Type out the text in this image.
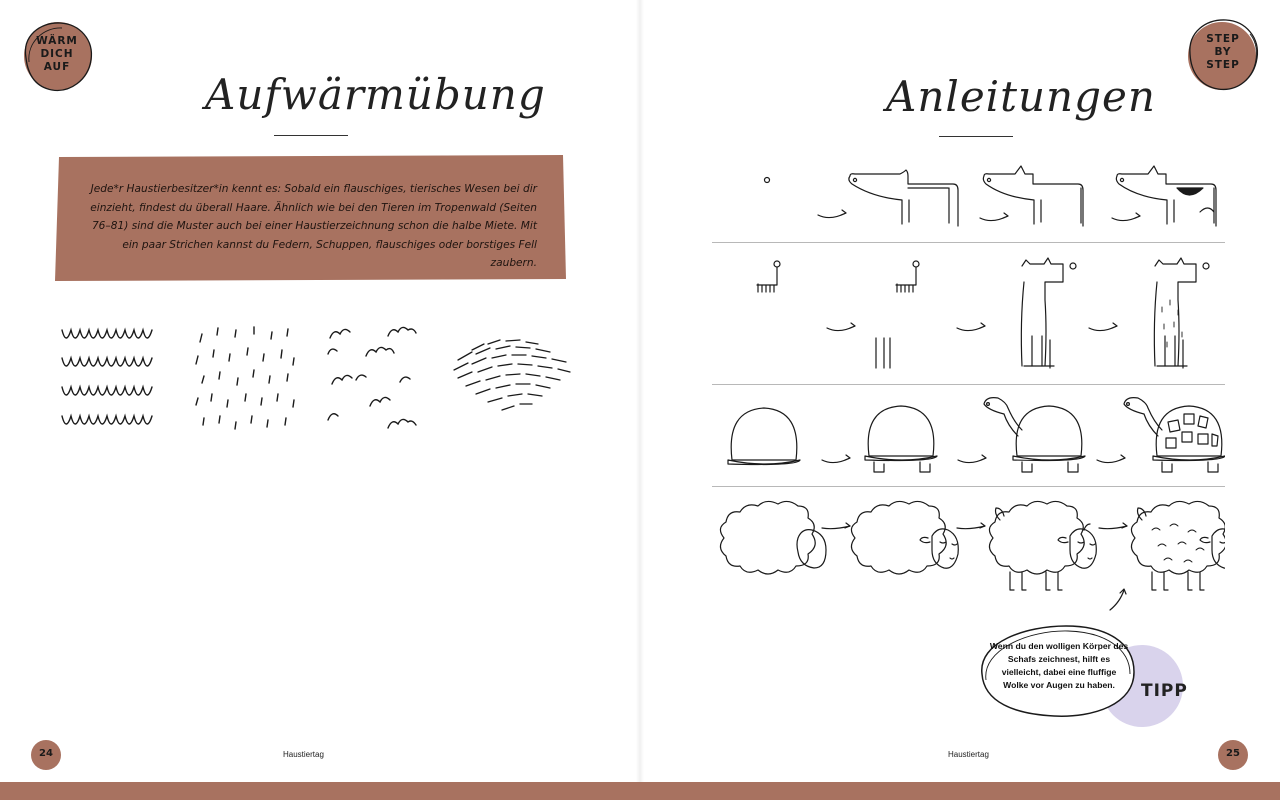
WÄRM
DICH
AUF
Aufwärmübung
Jede*r Haustierbesitzer*in kennt es: Sobald ein flauschiges, tierisches Wesen bei dir einzieht, findest du überall Haare. Ähnlich wie bei den Tieren im Tropenwald (Seiten 76–81) sind die Muster auch bei einer Haustierzeichnung schon die halbe Miete. Mit ein paar Strichen kannst du Federn, Schuppen, flauschiges oder borstiges Fell zaubern.
24	Haustiertag
STEP
BY
STEP
Anleitungen
Wenn du den wolligen Körper des Schafs zeichnest, hilft es vielleicht, dabei eine fluffige Wolke vor Augen zu haben.	TIPP
25
Haustiertag
